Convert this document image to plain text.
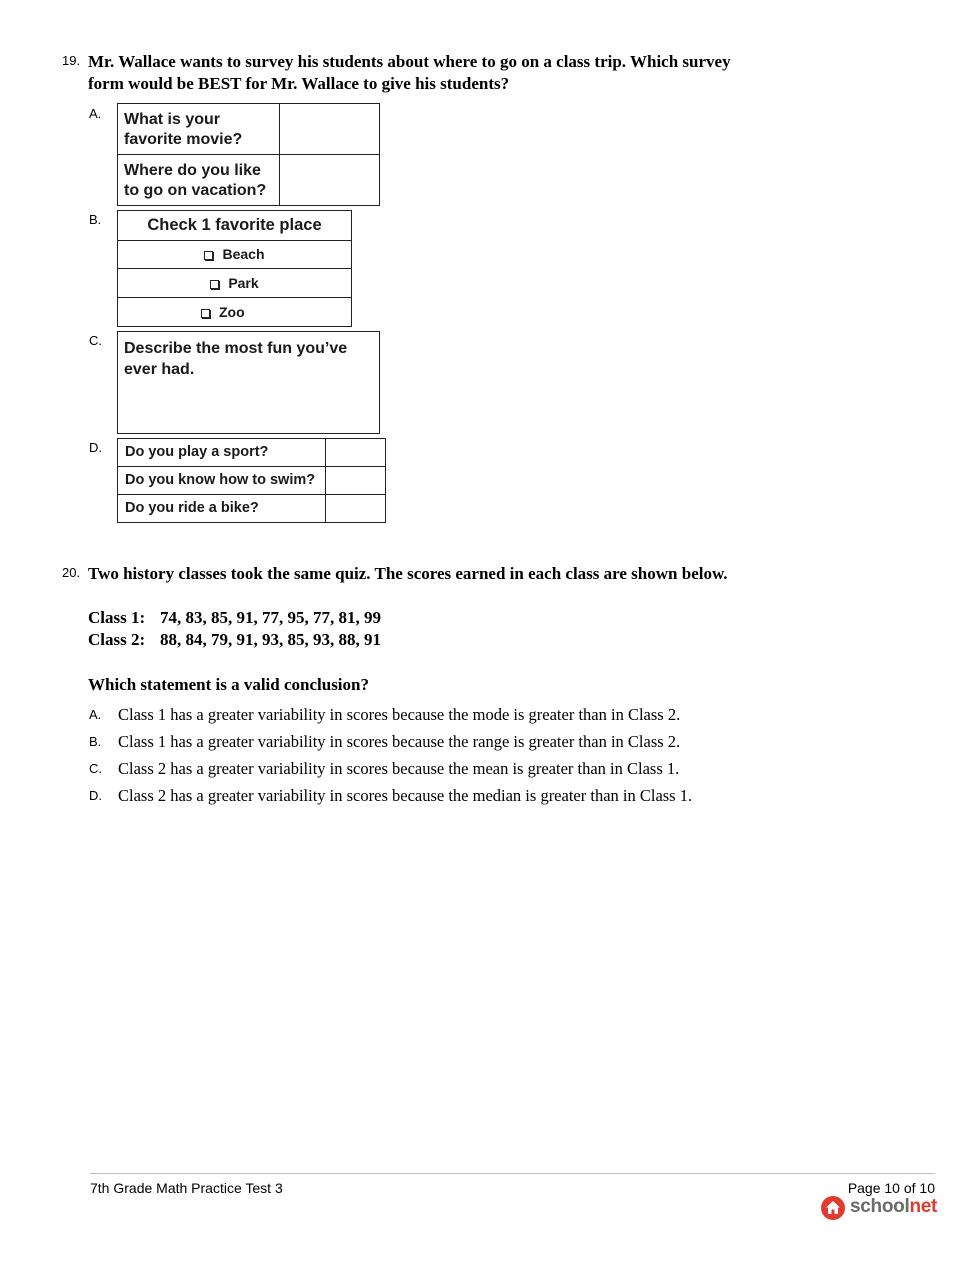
19. Mr. Wallace wants to survey his students about where to go on a class trip. Which survey
form would be BEST for Mr. Wallace to give his students?
A. What is your
favorite movie?
Where do you like
to go on vacation?
B.	Check 1 favorite place
Beach
Park
Zoo
C. Describe the most fun you’ve
ever had.
D.	Do you play a sport?
Do you know how to swim?
Do you ride a bike?
20. Two history classes took the same quiz. The scores earned in each class are shown below.
Class 1: 74, 83, 85, 91, 77, 95, 77, 81, 99
Class 2: 88, 84, 79, 91, 93, 85, 93, 88, 91
Which statement is a valid conclusion?
A. Class 1 has a greater variability in scores because the mode is greater than in Class 2.
B. Class 1 has a greater variability in scores because the range is greater than in Class 2.
C. Class 2 has a greater variability in scores because the mean is greater than in Class 1.
D. Class 2 has a greater variability in scores because the median is greater than in Class 1.
7th Grade Math Practice Test 3	Page 10 of 10
schoolnet
